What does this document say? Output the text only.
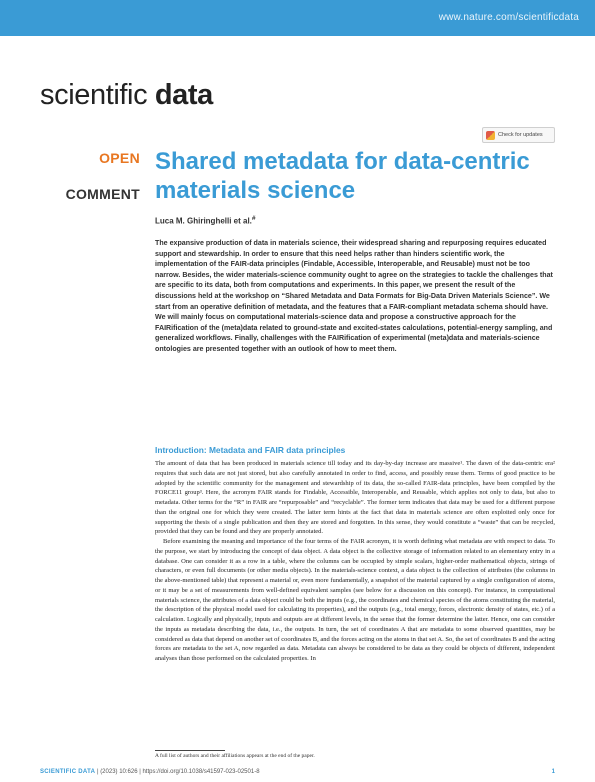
www.nature.com/scientificdata
scientific data
Check for updates
OPEN
COMMENT
Shared metadata for data-centric materials science
Luca M. Ghiringhelli et al.#

The expansive production of data in materials science, their widespread sharing and repurposing requires educated support and stewardship. In order to ensure that this need helps rather than hinders scientific work, the implementation of the FAIR-data principles (Findable, Accessible, Interoperable, and Reusable) must not be too narrow. Besides, the wider materials-science community ought to agree on the strategies to tackle the challenges that are specific to its data, both from computations and experiments. In this paper, we present the result of the discussions held at the workshop on “Shared Metadata and Data Formats for Big-Data Driven Materials Science”. We start from an operative definition of metadata, and the features that a FAIR-compliant metadata schema should have. We will mainly focus on computational materials-science data and propose a constructive approach for the FAIRification of the (meta)data related to ground-state and excited-states calculations, potential-energy sampling, and generalized workflows. Finally, challenges with the FAIRification of experimental (meta)data and materials-science ontologies are presented together with an outlook of how to meet them.

Introduction: Metadata and FAIR data principles

The amount of data that has been produced in materials science till today and its day-by-day increase are massive¹. The dawn of the data-centric era² requires that such data are not just stored, but also carefully annotated in order to find, access, and possibly reuse them. Terms of good practice to be adopted by the scientific community for the management and stewardship of its data, the so-called FAIR-data principles, have been compiled by the FORCE11 group³. Here, the acronym FAIR stands for Findable, Accessible, Interoperable, and Reusable, which applies not only to data, but also to metadata. Other terms for the “R” in FAIR are “repurposable” and “recyclable”. The former term indicates that data may be used for a different purpose than the original one for which they were created. The latter term hints at the fact that data in materials science are often exploited only once for supporting the thesis of a single publication and then they are stored and forgotten. In this sense, they would constitute a “waste” that can be recycled, provided that they can be found and they are properly annotated.

Before examining the meaning and importance of the four terms of the FAIR acronym, it is worth defining what metadata are with respect to data. To the purpose, we start by introducing the concept of data object. A data object is the collective storage of information related to an elementary entry in a database. One can consider it as a row in a table, where the columns can be occupied by simple scalars, higher-order mathematical objects, strings of characters, or even full documents (or other media objects). In the materials-science context, a data object is the collection of attributes (the columns in the above-mentioned table) that represent a material or, even more fundamentally, a snapshot of the material captured by a single configuration of atoms, or it may be a set of measurements from well-defined equivalent samples (see below for a discussion on this concept). For instance, in computational materials science, the attributes of a data object could be both the inputs (e.g., the coordinates and chemical species of the atoms constituting the material, the description of the physical model used for calculating its properties), and the outputs (e.g., total energy, forces, electronic density of states, etc.) of a calculation. Logically and physically, inputs and outputs are at different levels, in the sense that the former determine the latter. Hence, one can consider the inputs as metadata describing the data, i.e., the outputs. In turn, the set of coordinates A that are metadata to some observed quantities, may be considered as data that depend on another set of coordinates B, and the forces acting on the atoms in that set A. So, the set of coordinates B and the acting forces are metadata to the set A, now regarded as data. Metadata can always be considered to be data as they could be objects of different, independent analyses than those performed on the calculated properties. In

A full list of authors and their affiliations appears at the end of the paper.
SCIENTIFIC DATA | (2023) 10:626 | https://doi.org/10.1038/s41597-023-02501-8	1
